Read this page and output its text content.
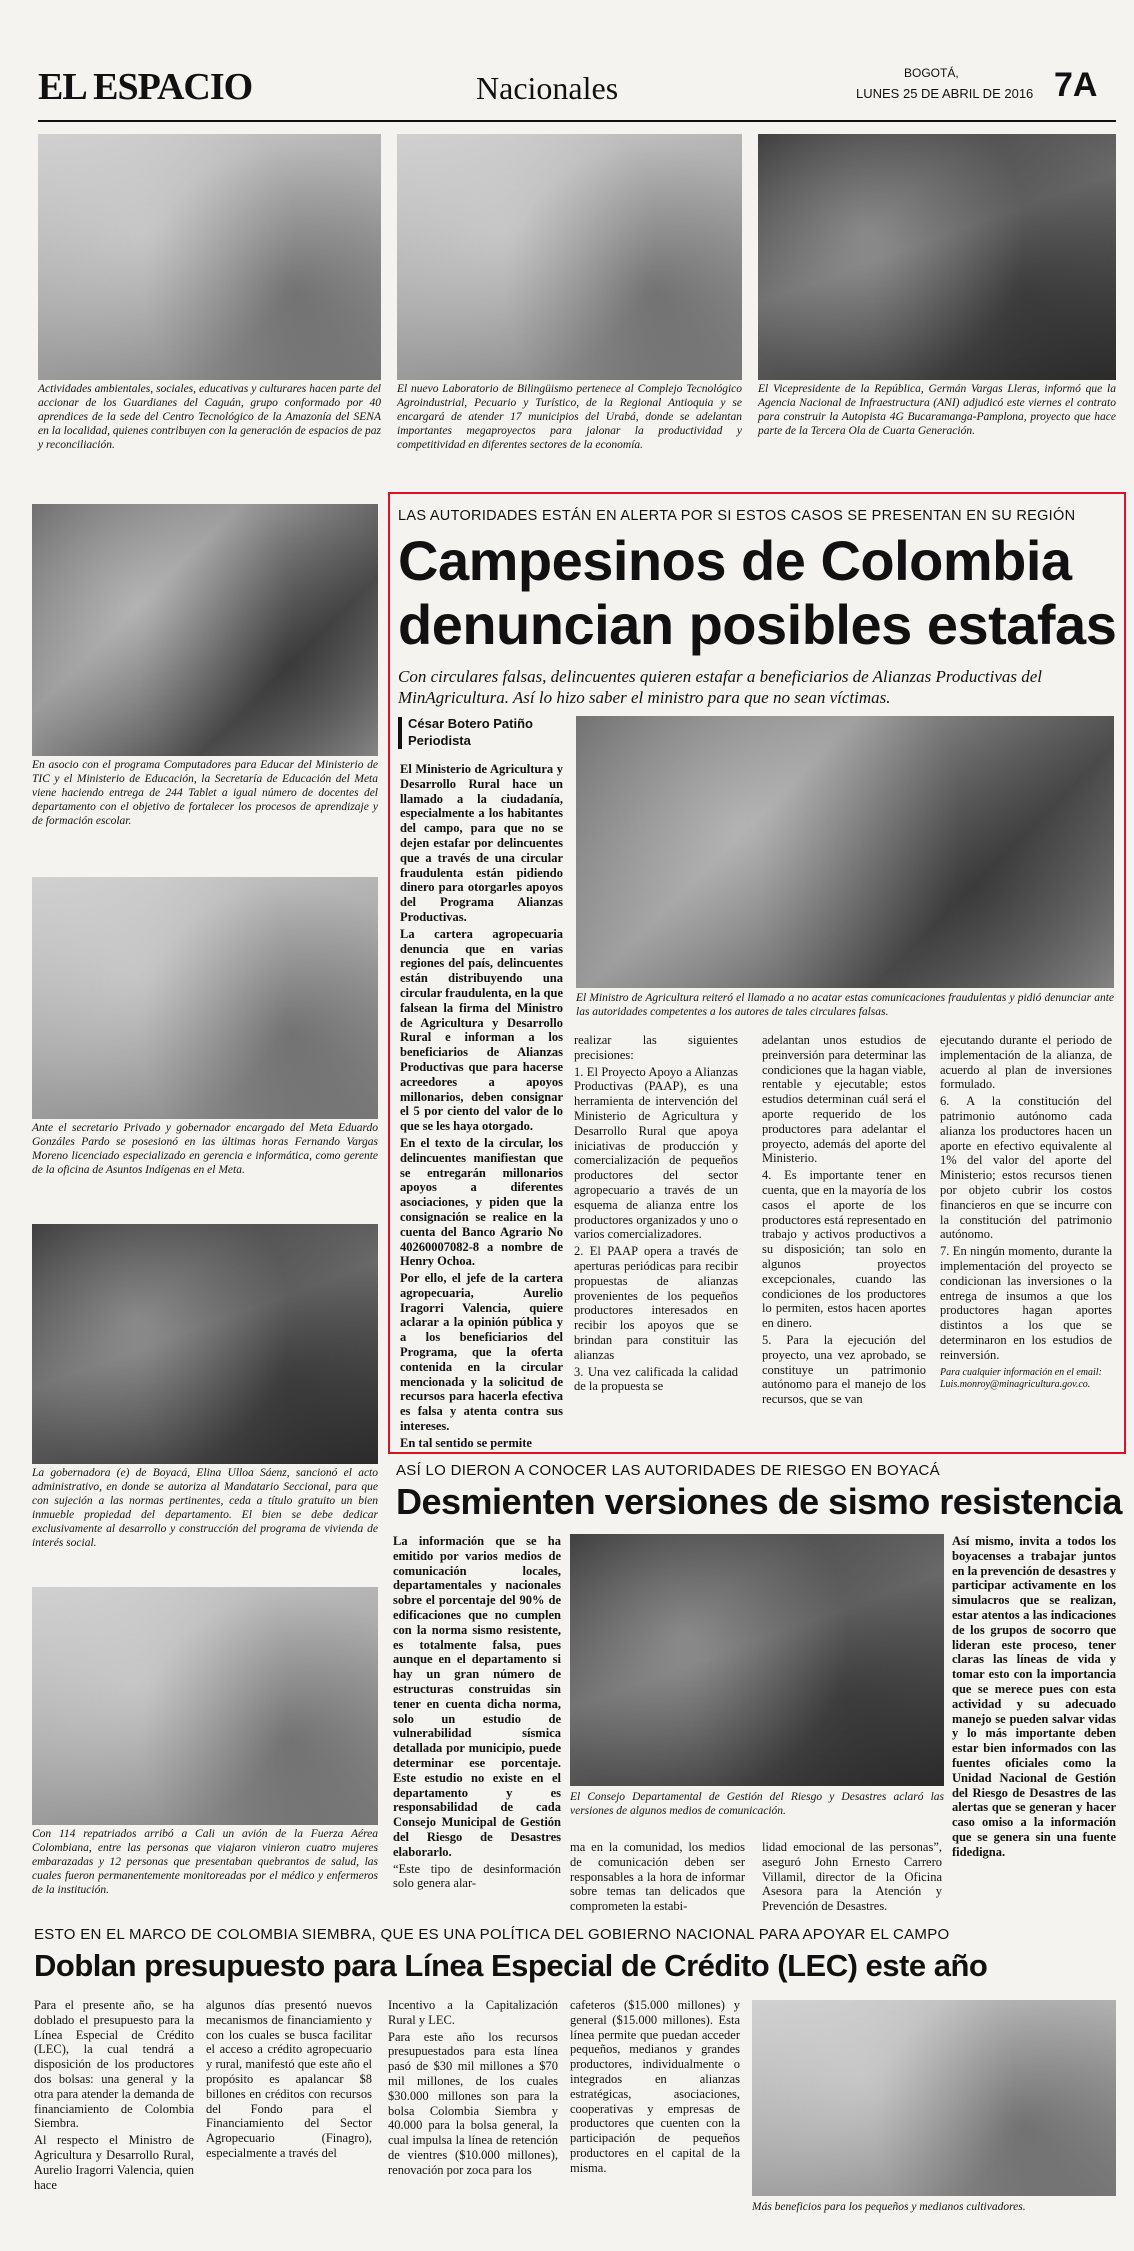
EL ESPACIO	Nacionales	BOGOTÁ,
LUNES 25 DE ABRIL DE 2016 7A
Actividades ambientales, sociales, educativas y culturares hacen parte del accionar de los Guardianes del Caguán, grupo conformado por 40 aprendices de la sede del Centro Tecnológico de la Amazonía del SENA en la localidad, quienes contribuyen con la generación de espacios de paz y reconciliación.
El nuevo Laboratorio de Bilingüismo pertenece al Complejo Tecnológico Agroindustrial, Pecuario y Turístico, de la Regional Antioquia y se encargará de atender 17 municipios del Urabá, donde se adelantan importantes megaproyectos para jalonar la productividad y competitividad en diferentes sectores de la economía.
El Vicepresidente de la República, Germán Vargas Lleras, informó que la Agencia Nacional de Infraestructura (ANI) adjudicó este viernes el contrato para construir la Autopista 4G Bucaramanga-Pamplona, proyecto que hace parte de la Tercera Ola de Cuarta Generación.
En asocio con el programa Computadores para Educar del Ministerio de TIC y el Ministerio de Educación, la Secretaría de Educación del Meta viene haciendo entrega de 244 Tablet a igual número de docentes del departamento con el objetivo de fortalecer los procesos de aprendizaje y de formación escolar.
Ante el secretario Privado y gobernador encargado del Meta Eduardo Gonzáles Pardo se posesionó en las últimas horas Fernando Vargas Moreno licenciado especializado en gerencia e informática, como gerente de la oficina de Asuntos Indígenas en el Meta.
La gobernadora (e) de Boyacá, Elina Ulloa Sáenz, sancionó el acto administrativo, en donde se autoriza al Mandatario Seccional, para que con sujeción a las normas pertinentes, ceda a título gratuito un bien inmueble propiedad del departamento. El bien se debe dedicar exclusivamente al desarrollo y construcción del programa de vivienda de interés social.
Con 114 repatriados arribó a Cali un avión de la Fuerza Aérea Colombiana, entre las personas que viajaron vinieron cuatro mujeres embarazadas y 12 personas que presentaban quebrantos de salud, las cuales fueron permanentemente monitoreadas por el médico y enfermeros de la institución.
LAS AUTORIDADES ESTÁN EN ALERTA POR SI ESTOS CASOS SE PRESENTAN EN SU REGIÓN
Campesinos de Colombia
denuncian posibles estafas
Con circulares falsas, delincuentes quieren estafar a beneficiarios de Alianzas Productivas del MinAgricultura. Así lo hizo saber el ministro para que no sean víctimas.
César Botero Patiño
Periodista

El Ministerio de Agricultura y Desarrollo Rural hace un llamado a la ciudadanía, especialmente a los habitantes del campo, para que no se dejen estafar por delincuentes que a través de una circular fraudulenta están pidiendo dinero para otorgarles apoyos del Programa Alianzas Productivas.

La cartera agropecuaria denuncia que en varias regiones del país, delincuentes están distribuyendo una circular fraudulenta, en la que falsean la firma del Ministro de Agricultura y Desarrollo Rural e informan a los beneficiarios de Alianzas Productivas que para hacerse acreedores a apoyos millonarios, deben consignar el 5 por ciento del valor de lo que se les haya otorgado.

En el texto de la circular, los delincuentes manifiestan que se entregarán millonarios apoyos a diferentes asociaciones, y piden que la consignación se realice en la cuenta del Banco Agrario No 40260007082-8 a nombre de Henry Ochoa.

Por ello, el jefe de la cartera agropecuaria, Aurelio Iragorri Valencia, quiere aclarar a la opinión pública y a los beneficiarios del Programa, que la oferta contenida en la circular mencionada y la solicitud de recursos para hacerla efectiva es falsa y atenta contra sus intereses.

En tal sentido se permite

El Ministro de Agricultura reiteró el llamado a no acatar estas comunicaciones fraudulentas y pidió denunciar ante las autoridades competentes a los autores de tales circulares falsas.

realizar las siguientes precisiones:

1. El Proyecto Apoyo a Alianzas Productivas (PAAP), es una herramienta de intervención del Ministerio de Agricultura y Desarrollo Rural que apoya iniciativas de producción y comercialización de pequeños productores del sector agropecuario a través de un esquema de alianza entre los productores organizados y uno o varios comercializadores.

2. El PAAP opera a través de aperturas periódicas para recibir propuestas de alianzas provenientes de los pequeños productores interesados en recibir los apoyos que se brindan para constituir las alianzas

3. Una vez calificada la calidad de la propuesta se

adelantan unos estudios de preinversión para determinar las condiciones que la hagan viable, rentable y ejecutable; estos estudios determinan cuál será el aporte requerido de los productores para adelantar el proyecto, además del aporte del Ministerio.

4. Es importante tener en cuenta, que en la mayoría de los casos el aporte de los productores está representado en trabajo y activos productivos a su disposición; tan solo en algunos proyectos excepcionales, cuando las condiciones de los productores lo permiten, estos hacen aportes en dinero.

5. Para la ejecución del proyecto, una vez aprobado, se constituye un patrimonio autónomo para el manejo de los recursos, que se van

ejecutando durante el periodo de implementación de la alianza, de acuerdo al plan de inversiones formulado.

6. A la constitución del patrimonio autónomo cada alianza los productores hacen un aporte en efectivo equivalente al 1% del valor del aporte del Ministerio; estos recursos tienen por objeto cubrir los costos financieros en que se incurre con la constitución del patrimonio autónomo.

7. En ningún momento, durante la implementación del proyecto se condicionan las inversiones o la entrega de insumos a que los productores hagan aportes distintos a los que se determinaron en los estudios de reinversión.

Para cualquier información en el email:
Luis.monroy@minagricultura.gov.co.
ASÍ LO DIERON A CONOCER LAS AUTORIDADES DE RIESGO EN BOYACÁ
Desmienten versiones de sismo resistencia

La información que se ha emitido por varios medios de comunicación locales, departamentales y nacionales sobre el porcentaje del 90% de edificaciones que no cumplen con la norma sismo resistente, es totalmente falsa, pues aunque en el departamento si hay un gran número de estructuras construidas sin tener en cuenta dicha norma, solo un estudio de vulnerabilidad sísmica detallada por municipio, puede determinar ese porcentaje. Este estudio no existe en el departamento y es responsabilidad de cada Consejo Municipal de Gestión del Riesgo de Desastres elaborarlo.

“Este tipo de desinformación solo genera alar-

El Consejo Departamental de Gestión del Riesgo y Desastres aclaró las versiones de algunos medios de comunicación.

ma en la comunidad, los medios de comunicación deben ser responsables a la hora de informar sobre temas tan delicados que comprometen la estabi-

lidad emocional de las personas”, aseguró John Ernesto Carrero Villamil, director de la Oficina Asesora para la Atención y Prevención de Desastres.

Así mismo, invita a todos los boyacenses a trabajar juntos en la prevención de desastres y participar activamente en los simulacros que se realizan, estar atentos a las indicaciones de los grupos de socorro que lideran este proceso, tener claras las líneas de vida y tomar esto con la importancia que se merece pues con esta actividad y su adecuado manejo se pueden salvar vidas y lo más importante deben estar bien informados con las fuentes oficiales como la Unidad Nacional de Gestión del Riesgo de Desastres de las alertas que se generan y hacer caso omiso a la información que se genera sin una fuente fidedigna.

ESTO EN EL MARCO DE COLOMBIA SIEMBRA, QUE ES UNA POLÍTICA DEL GOBIERNO NACIONAL PARA APOYAR EL CAMPO
Doblan presupuesto para Línea Especial de Crédito (LEC) este año

Para el presente año, se ha doblado el presupuesto para la Línea Especial de Crédito (LEC), la cual tendrá a disposición de los productores dos bolsas: una general y la otra para atender la demanda de financiamiento de Colombia Siembra.

Al respecto el Ministro de Agricultura y Desarrollo Rural, Aurelio Iragorri Valencia, quien hace

algunos días presentó nuevos mecanismos de financiamiento y con los cuales se busca facilitar el acceso a crédito agropecuario y rural, manifestó que este año el propósito es apalancar $8 billones en créditos con recursos del Fondo para el Financiamiento del Sector Agropecuario (Finagro), especialmente a través del

Incentivo a la Capitalización Rural y LEC.

Para este año los recursos presupuestados para esta línea pasó de $30 mil millones a $70 mil millones, de los cuales $30.000 millones son para la bolsa Colombia Siembra y 40.000 para la bolsa general, la cual impulsa la línea de retención de vientres ($10.000 millones), renovación por zoca para los

cafeteros ($15.000 millones) y general ($15.000 millones). Esta línea permite que puedan acceder pequeños, medianos y grandes productores, individualmente o integrados en alianzas estratégicas, asociaciones, cooperativas y empresas de productores que cuenten con la participación de pequeños productores en el capital de la misma.

Más beneficios para los pequeños y medianos cultivadores.
